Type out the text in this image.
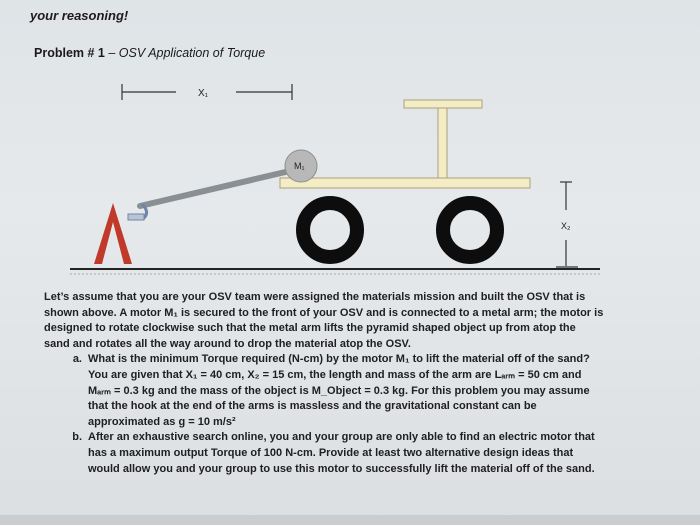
your reasoning!
Problem # 1 – OSV Application of Torque
X₁
M₁
X₂

Let’s assume that you are your OSV team were assigned the materials mission and built the OSV that is shown above. A motor M₁ is secured to the front of your OSV and is connected to a metal arm; the motor is designed to rotate clockwise such that the metal arm lifts the pyramid shaped object up from atop the sand and rotates all the way around to drop the material atop the OSV.

a. What is the minimum Torque required (N-cm) by the motor M₁ to lift the material off of the sand? You are given that X₁ = 40 cm, X₂ = 15 cm, the length and mass of the arm are Lₐᵣₘ = 50 cm and Mₐᵣₘ = 0.3 kg and the mass of the object is M_Object = 0.3 kg. For this problem you may assume that the hook at the end of the arms is massless and the gravitational constant can be approximated as g = 10 m/s²
b. After an exhaustive search online, you and your group are only able to find an electric motor that has a maximum output Torque of 100 N-cm. Provide at least two alternative design ideas that would allow you and your group to use this motor to successfully lift the material off of the sand.
